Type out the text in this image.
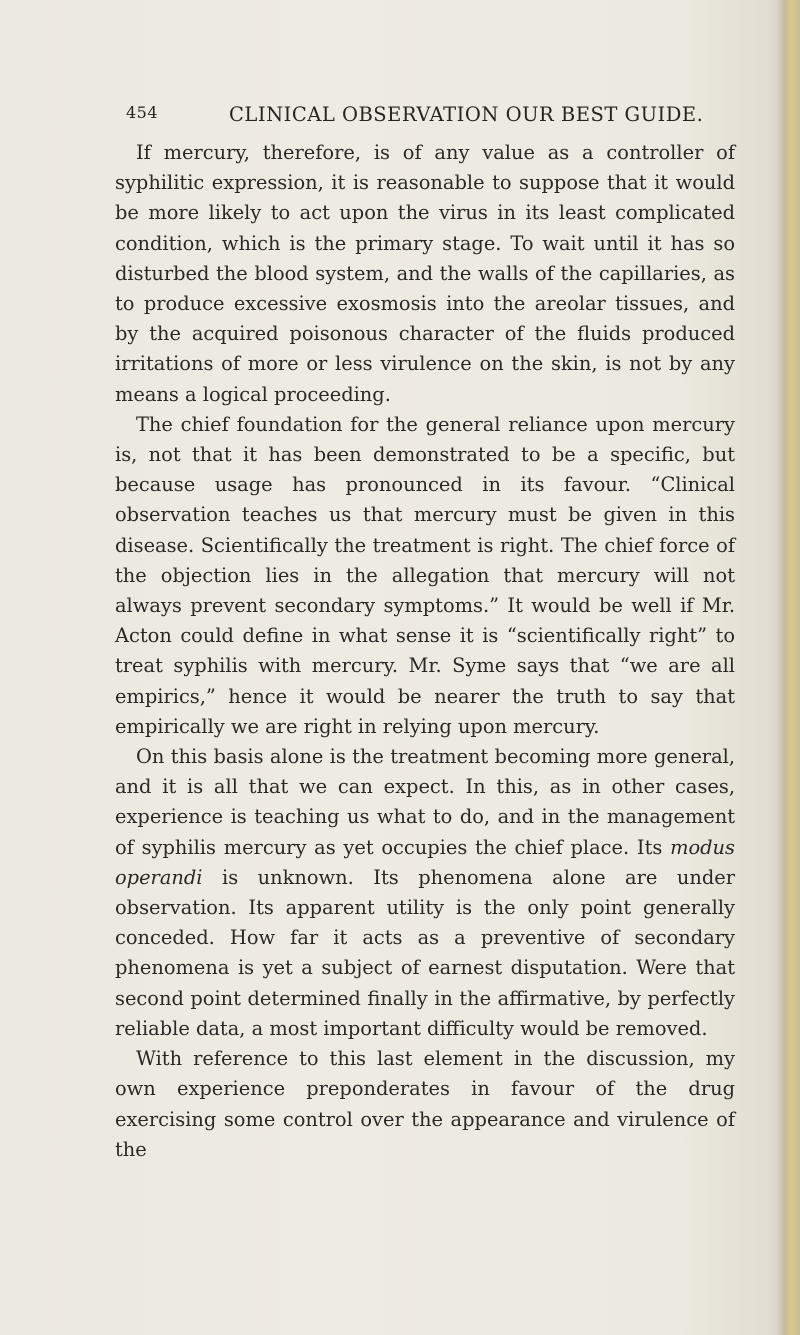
454	CLINICAL OBSERVATION OUR BEST GUIDE.

If mercury, therefore, is of any value as a controller of syphilitic expression, it is reasonable to suppose that it would be more likely to act upon the virus in its least complicated condition, which is the primary stage. To wait until it has so disturbed the blood system, and the walls of the capillaries, as to produce excessive exosmosis into the areolar tissues, and by the acquired poisonous character of the fluids produced irritations of more or less virulence on the skin, is not by any means a logical proceeding.

The chief foundation for the general reliance upon mercury is, not that it has been demonstrated to be a specific, but because usage has pronounced in its favour. “Clinical observation teaches us that mercury must be given in this disease. Scientifically the treatment is right. The chief force of the objection lies in the allegation that mercury will not always prevent secondary symptoms.” It would be well if Mr. Acton could define in what sense it is “scientifically right” to treat syphilis with mercury. Mr. Syme says that “we are all empirics,” hence it would be nearer the truth to say that empirically we are right in relying upon mercury.

On this basis alone is the treatment becoming more general, and it is all that we can expect. In this, as in other cases, experience is teaching us what to do, and in the management of syphilis mercury as yet occupies the chief place. Its modus operandi is unknown. Its phenomena alone are under observation. Its apparent utility is the only point generally conceded. How far it acts as a preventive of secondary phenomena is yet a subject of earnest disputation. Were that second point determined finally in the affirmative, by perfectly reliable data, a most important difficulty would be removed.

With reference to this last element in the discussion, my own experience preponderates in favour of the drug exercising some control over the appearance and virulence of the
